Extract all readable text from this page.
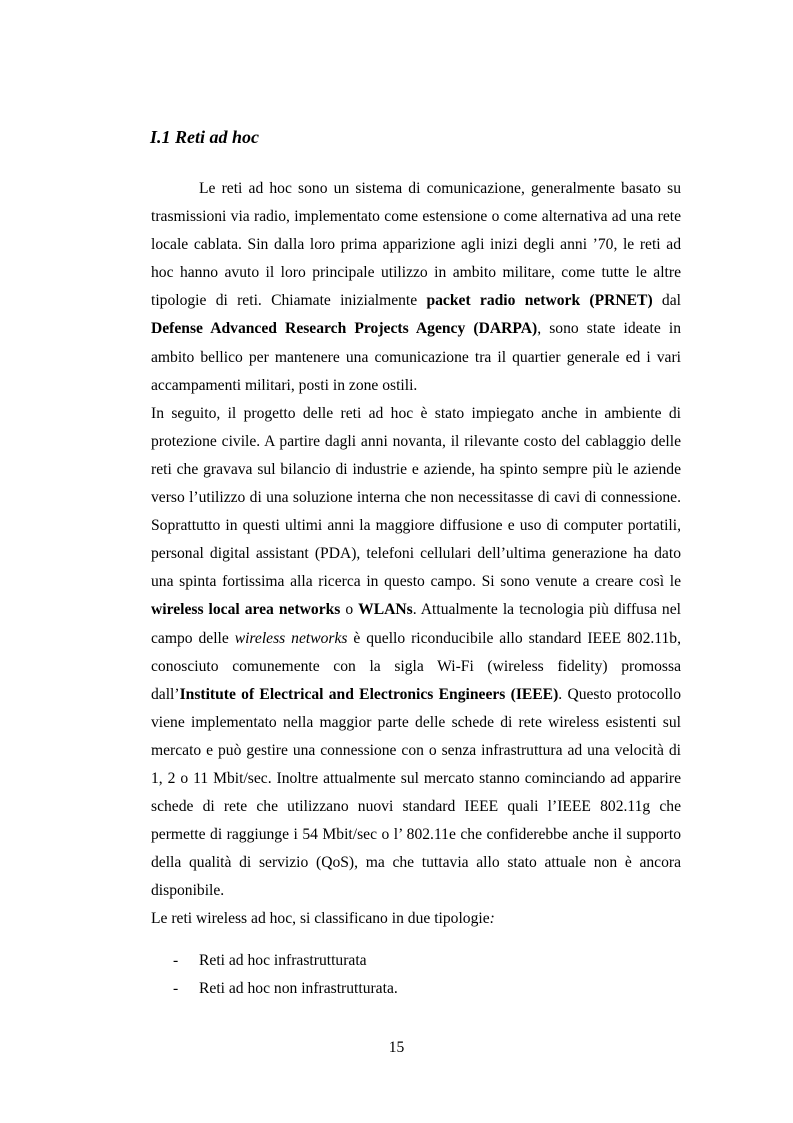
I.1 Reti ad hoc

Le reti ad hoc sono un sistema di comunicazione, generalmente basato su trasmissioni via radio, implementato come estensione o come alternativa ad una rete locale cablata. Sin dalla loro prima apparizione agli inizi degli anni ’70, le reti ad hoc hanno avuto il loro principale utilizzo in ambito militare, come tutte le altre tipologie di reti. Chiamate inizialmente packet radio network (PRNET) dal Defense Advanced Research Projects Agency (DARPA), sono state ideate in ambito bellico per mantenere una comunicazione tra il quartier generale ed i vari accampamenti militari, posti in zone ostili.

In seguito, il progetto delle reti ad hoc è stato impiegato anche in ambiente di protezione civile. A partire dagli anni novanta, il rilevante costo del cablaggio delle reti che gravava sul bilancio di industrie e aziende, ha spinto sempre più le aziende verso l’utilizzo di una soluzione interna che non necessitasse di cavi di connessione. Soprattutto in questi ultimi anni la maggiore diffusione e uso di computer portatili, personal digital assistant (PDA), telefoni cellulari dell’ultima generazione ha dato una spinta fortissima alla ricerca in questo campo. Si sono venute a creare così le wireless local area networks o WLANs. Attualmente la tecnologia più diffusa nel campo delle wireless networks è quello riconducibile allo standard IEEE 802.11b, conosciuto comunemente con la sigla Wi-Fi (wireless fidelity) promossa dall’Institute of Electrical and Electronics Engineers (IEEE). Questo protocollo viene implementato nella maggior parte delle schede di rete wireless esistenti sul mercato e può gestire una connessione con o senza infrastruttura ad una velocità di 1, 2 o 11 Mbit/sec. Inoltre attualmente sul mercato stanno cominciando ad apparire schede di rete che utilizzano nuovi standard IEEE quali l’IEEE 802.11g che permette di raggiunge i 54 Mbit/sec o l’ 802.11e che confiderebbe anche il supporto della qualità di servizio (QoS), ma che tuttavia allo stato attuale non è ancora disponibile.

Le reti wireless ad hoc, si classificano in due tipologie:

- Reti ad hoc infrastrutturata
- Reti ad hoc non infrastrutturata.
15
